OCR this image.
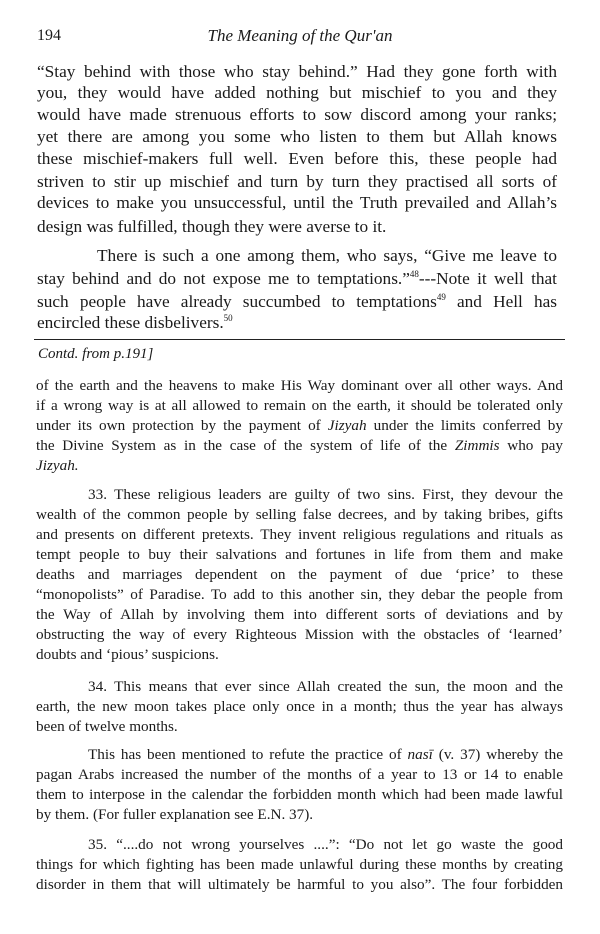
194	The Meaning of the Qur'an
“Stay behind with those who stay behind.” Had they gone forth with
you, they would have added nothing but mischief to you and they
would have made strenuous efforts to sow discord among your ranks;
yet there are among you some who listen to them but Allah knows
these mischief-makers full well. Even before this, these people had
striven to stir up mischief and turn by turn they practised all sorts of
devices to make you unsuccessful, until the Truth prevailed and Allah’s
design was fulfilled, though they were averse to it.
There is such a one among them, who says, “Give me leave to
stay behind and do not expose me to temptations.”$^{48}$---Note it well that
such people have already succumbed to temptations$^{49}$ and Hell has
encircled these disbelivers.$^{50}$
Contd. from p.191]
of the earth and the heavens to make His Way dominant over all other ways. And
if a wrong way is at all allowed to remain on the earth, it should be tolerated only
under its own protection by the payment of Jizyah under the limits conferred by
the Divine System as in the case of the system of life of the Zimmis who pay
Jizyah.
33. These religious leaders are guilty of two sins. First, they devour the
wealth of the common people by selling false decrees, and by taking bribes, gifts
and presents on different pretexts. They invent religious regulations and rituals as
tempt people to buy their salvations and fortunes in life from them and make
deaths and marriages dependent on the payment of due ‘price’ to these
“monopolists” of Paradise. To add to this another sin, they debar the people from
the Way of Allah by involving them into different sorts of deviations and by
obstructing the way of every Righteous Mission with the obstacles of ‘learned’
doubts and ‘pious’ suspicions.
34. This means that ever since Allah created the sun, the moon and the
earth, the new moon takes place only once in a month; thus the year has always
been of twelve months.
This has been mentioned to refute the practice of nasī (v. 37) whereby the
pagan Arabs increased the number of the months of a year to 13 or 14 to enable
them to interpose in the calendar the forbidden month which had been made lawful
by them. (For fuller explanation see E.N. 37).
35. “....do not wrong yourselves ....”: “Do not let go waste the good
things for which fighting has been made unlawful during these months by creating
disorder in them that will ultimately be harmful to you also”. The four forbidden
